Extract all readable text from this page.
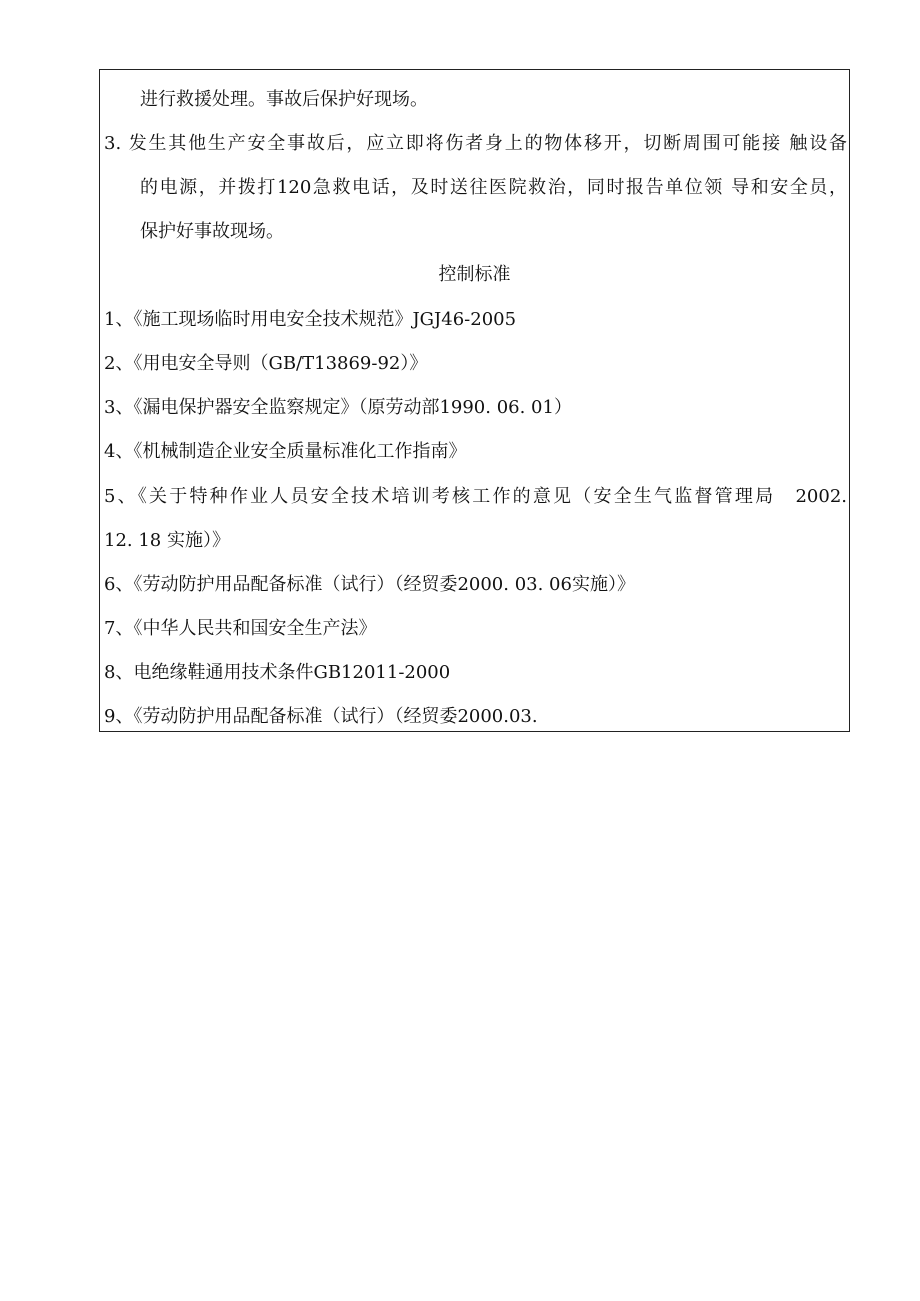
进行救援处理。事故后保护好现场。
3. 发生其他生产安全事故后，应立即将伤者身上的物体移开，切断周围可能接 触设备
的电源，并拨打120急救电话，及时送往医院救治，同时报告单位领 导和安全员，
保护好事故现场。
控制标准
1、《施工现场临时用电安全技术规范》JGJ46-2005
2、《用电安全导则（GB/T13869-92）》
3、《漏电保护器安全监察规定》（原劳动部1990. 06. 01）
4、《机械制造企业安全质量标准化工作指南》
5、《关于特种作业人员安全技术培训考核工作的意见（安全生气监督管理局　2002.
12. 18 实施）》
6、《劳动防护用品配备标准（试行）（经贸委2000. 03. 06实施）》
7、《中华人民共和国安全生产法》
8、电绝缘鞋通用技术条件GB12011-2000
9、《劳动防护用品配备标准（试行）（经贸委2000.03.
